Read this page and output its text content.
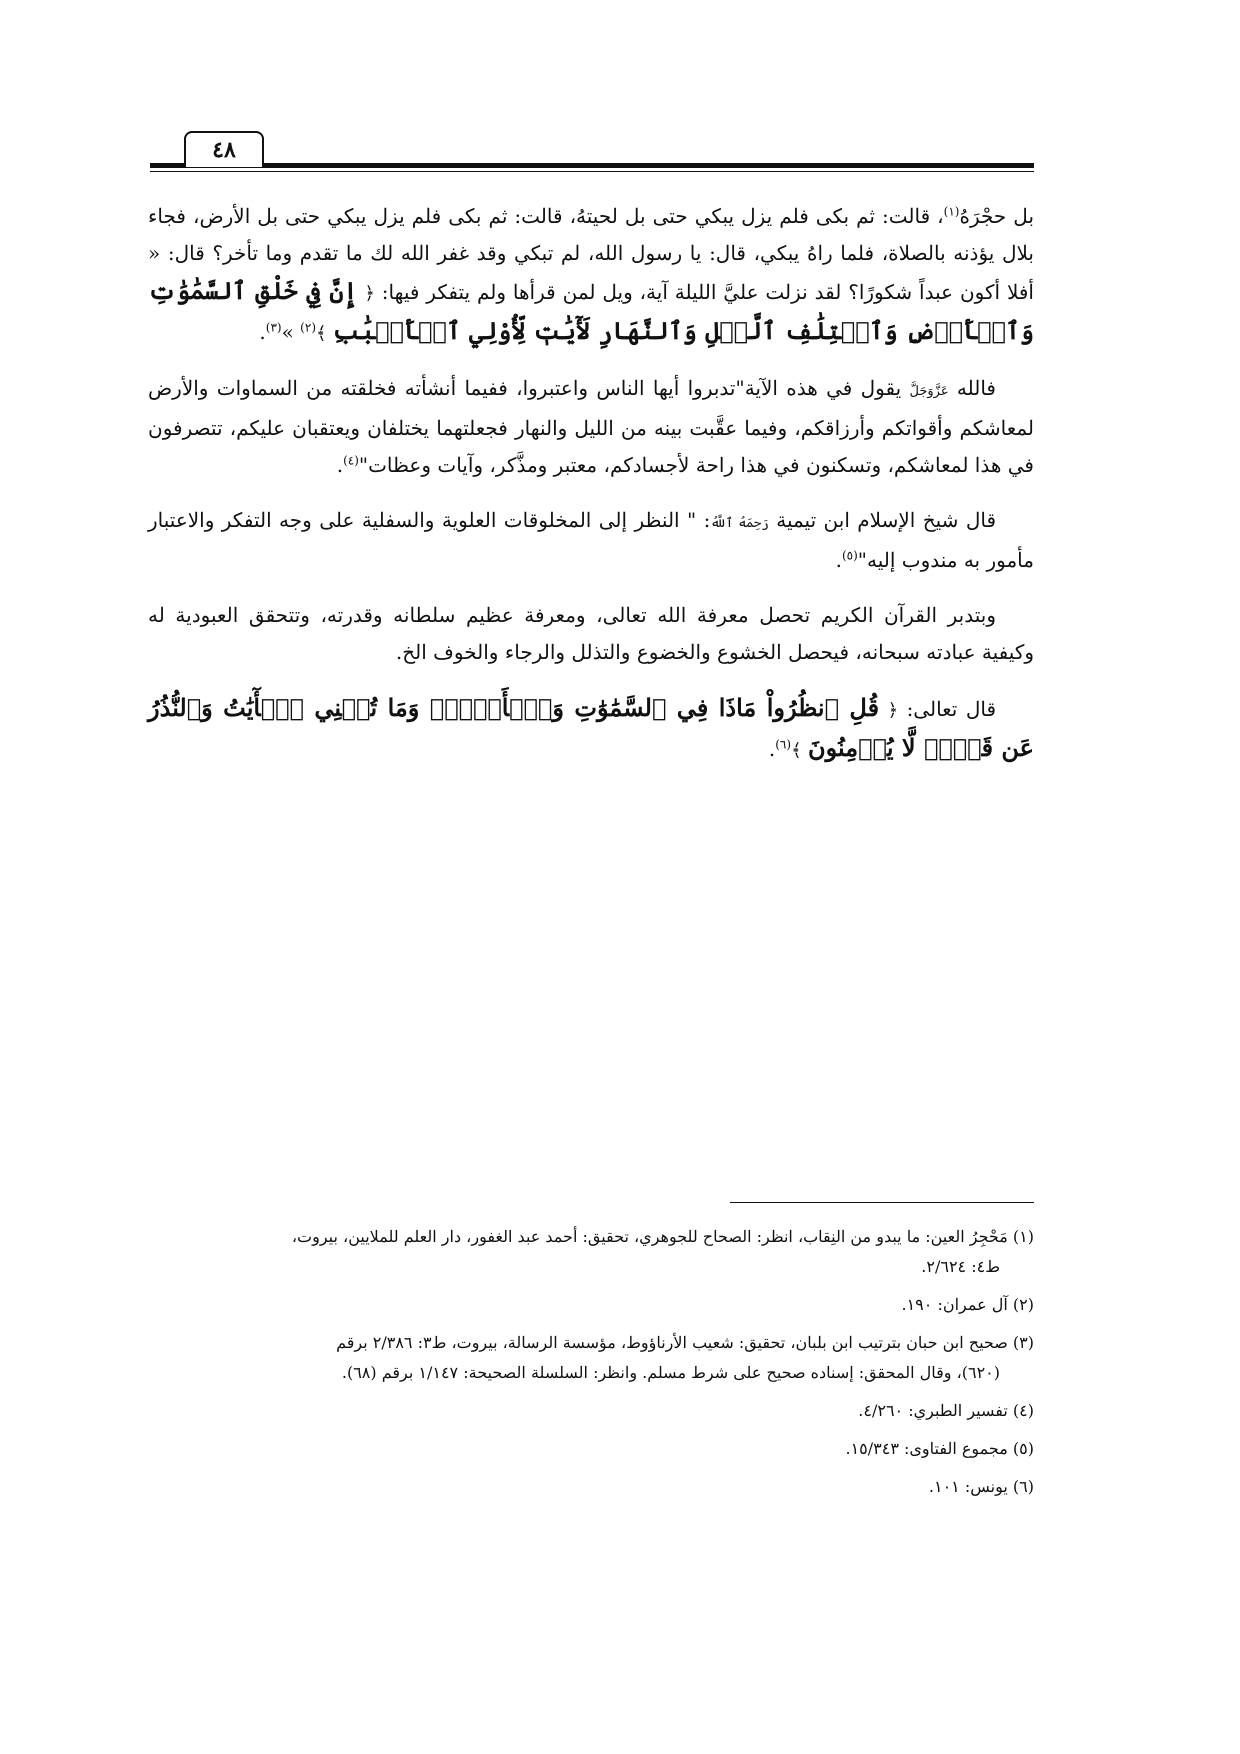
٤٨

بل حجْرَهُ$^{(١)}$، قالت: ثم بكى فلم يزل يبكي حتى بل لحيتهُ، قالت: ثم بكى فلم يزل يبكي حتى بل الأرض، فجاء بلال يؤذنه بالصلاة، فلما راهُ يبكي، قال: يا رسول الله، لم تبكي وقد غفر الله لك ما تقدم وما تأخر؟ قال: « أفلا أكون عبداً شكورًا؟ لقد نزلت عليَّ الليلة آية، ويل لمن قرأها ولم يتفكر فيها: ﴿ إِنَّ فِي خَلْقِ ٱلسَّمَٰوَٰتِ وَٱلۡأَرۡضِ وَٱخۡتِلَٰفِ ٱلَّيۡلِ وَٱلنَّهَارِ لَأٓيَٰتٖ لِّأُوْلِي ٱلۡأَلۡبَٰبِ ﴾$^{(٢)}$ »$^{(٣)}$.

فالله عَزَّوَجَلَّ يقول في هذه الآية"تدبروا أيها الناس واعتبروا، ففيما أنشأته فخلقته من السماوات والأرض لمعاشكم وأقواتكم وأرزاقكم، وفيما عقَّبت بينه من الليل والنهار فجعلتهما يختلفان ويعتقبان عليكم، تتصرفون في هذا لمعاشكم، وتسكنون في هذا راحة لأجسادكم، معتبر ومذَّكر، وآيات وعظات"$^{(٤)}$.

قال شيخ الإسلام ابن تيمية رَحِمَهُ ٱللَّهُ: " النظر إلى المخلوقات العلوية والسفلية على وجه التفكر والاعتبار مأمور به مندوب إليه"$^{(٥)}$.

وبتدبر القرآن الكريم تحصل معرفة الله تعالى، ومعرفة عظيم سلطانه وقدرته، وتتحقق العبودية له وكيفية عبادته سبحانه، فيحصل الخشوع والخضوع والتذلل والرجاء والخوف الخ.

قال تعالى: ﴿ قُلِ ٱنظُرُواْ مَاذَا فِي ٱلسَّمَٰوَٰتِ وَٱلۡأَرۡضِۚ وَمَا تُغۡنِي ٱلۡأٓيَٰتُ وَٱلنُّذُرُ عَن قَوۡمٖ لَّا يُؤۡمِنُونَ ﴾$^{(٦)}$.

(١) مَحْجِرُ العين: ما يبدو من النِقاب، انظر: الصحاح للجوهري، تحقيق: أحمد عبد الغفور، دار العلم للملايين، بيروت،
ط٤: ٢/٦٢٤.
(٢) آل عمران: ١٩٠.
(٣) صحيح ابن حبان بترتيب ابن بلبان، تحقيق: شعيب الأرناؤوط، مؤسسة الرسالة، بيروت، ط٣: ٢/٣٨٦ برقم
(٦٢٠)، وقال المحقق: إسناده صحيح على شرط مسلم. وانظر: السلسلة الصحيحة: ١/١٤٧ برقم (٦٨).
(٤) تفسير الطبري: ٤/٢٦٠.
(٥) مجموع الفتاوى: ١٥/٣٤٣.
(٦) يونس: ١٠١.
